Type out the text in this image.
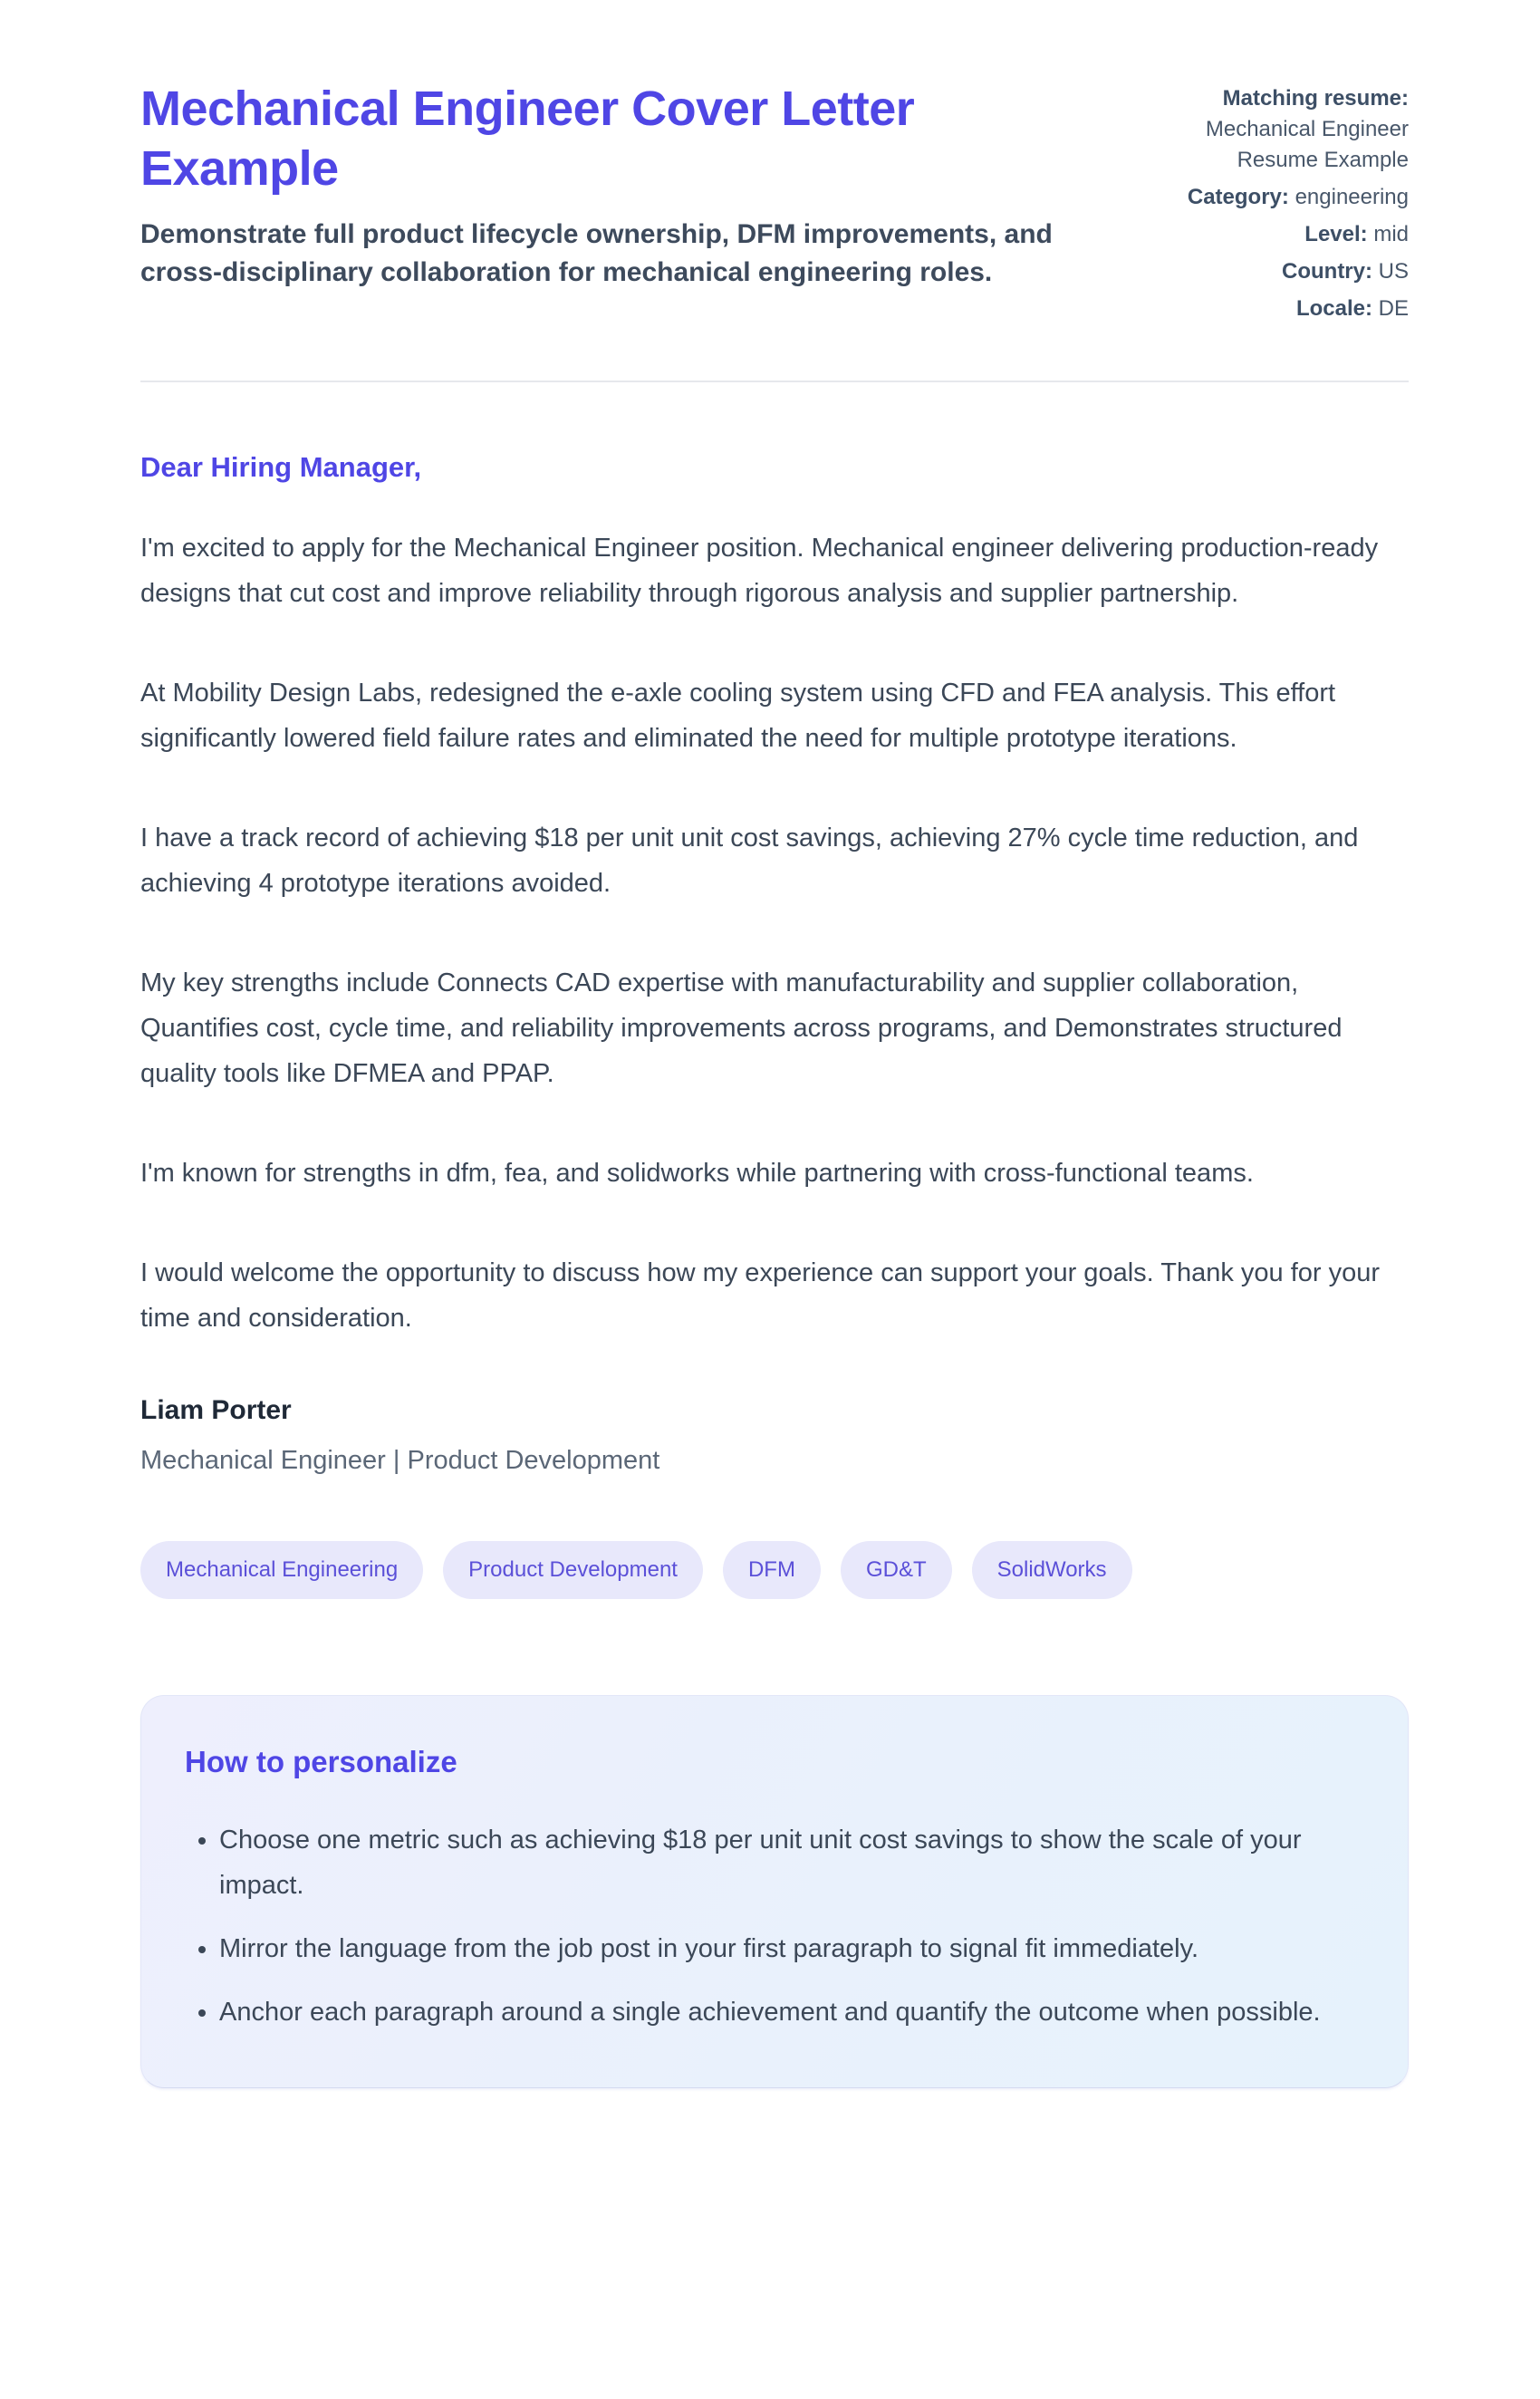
Mechanical Engineer Cover Letter Example

Demonstrate full product lifecycle ownership, DFM improvements, and cross-disciplinary collaboration for mechanical engineering roles.

Matching resume: Mechanical Engineer Resume Example
Category: engineering
Level: mid
Country: US
Locale: DE

Dear Hiring Manager,

I'm excited to apply for the Mechanical Engineer position. Mechanical engineer delivering production-ready designs that cut cost and improve reliability through rigorous analysis and supplier partnership.

At Mobility Design Labs, redesigned the e-axle cooling system using CFD and FEA analysis. This effort significantly lowered field failure rates and eliminated the need for multiple prototype iterations.

I have a track record of achieving $18 per unit unit cost savings, achieving 27% cycle time reduction, and achieving 4 prototype iterations avoided.

My key strengths include Connects CAD expertise with manufacturability and supplier collaboration, Quantifies cost, cycle time, and reliability improvements across programs, and Demonstrates structured quality tools like DFMEA and PPAP.

I'm known for strengths in dfm, fea, and solidworks while partnering with cross-functional teams.

I would welcome the opportunity to discuss how my experience can support your goals. Thank you for your time and consideration.

Liam Porter

Mechanical Engineer | Product Development

Mechanical Engineering	Product Development	DFM	GD&T	SolidWorks
How to personalize
• Choose one metric such as achieving $18 per unit unit cost savings to show the scale of your impact.
• Mirror the language from the job post in your first paragraph to signal fit immediately.
• Anchor each paragraph around a single achievement and quantify the outcome when possible.
